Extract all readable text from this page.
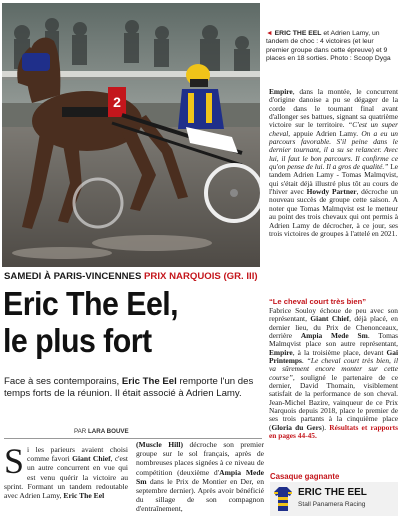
2
◄ ERIC THE EEL et Adrien Lamy, un tandem de choc : 4 victoires (et leur premier groupe dans cette épreuve) et 9 places en 18 sorties. Photo : Scoop Dyga

Empire, dans la montée, le concurrent d'origine danoise a pu se dégager de la corde dans le tournant final avant d'allonger ses battues, signant sa quatrième victoire sur le territoire. “C'est un super cheval, appuie Adrien Lamy. On a eu un parcours favorable. S'il peine dans le dernier tournant, il a su se relancer. Avec lui, il faut le bon parcours. Il confirme ce qu'on pense de lui. Il a gros de qualité.” Le tandem Adrien Lamy - Tomas Malmqvist, qui s'était déjà illustré plus tôt au cours de l'hiver avec Howdy Partner, décroche un nouveau succès de groupe cette saison. A noter que Tomas Malmqvist est le metteur au point des trois chevaux qui ont permis à Adrien Lamy de décrocher, à ce jour, ses trois victoires de groupes à l'attelé en 2021.

“Le cheval court très bien”
Fabrice Souloy échoue de peu avec son représentant, Giant Chief, déjà placé, en dernier lieu, du Prix de Chenonceaux, derrière Ampia Mede Sm. Tomas Malmqvist place son autre représentant, Empire, à la troisième place, devant Gai Printemps. “Le cheval court très bien, il va sûrement encore monter sur cette course”, souligné le partenaire de ce dernier, David Thomain, visiblement satisfait de la performance de son cheval. Jean-Michel Bazire, vainqueur de ce Prix Narquois depuis 2018, place le premier de ses trois partants à la cinquième place (Gloria du Gers). Résultats et rapports en pages 44-45.
Casaque gagnante
ERIC THE EEL
Stall Panamera Racing
SAMEDI À PARIS-VINCENNES PRIX NARQUOIS (GR. III)
Eric The Eel,
le plus fort
Face à ses contemporains, Eric The Eel remporte l'un des temps forts de la réunion. Il était associé à Adrien Lamy.
PAR LARA BOUVE
S i les parieurs avaient choisi comme favori Giant Chief, c'est un autre concurrent en vue qui est venu quérir la victoire au sprint. Formant un tandem redoutable avec Adrien Lamy, Eric The Eel
(Muscle Hill) décroche son premier groupe sur le sol français, après de nombreuses places signées à ce niveau de compétition (deuxième d'Ampia Mede Sm dans le Prix de Montier en Der, en septembre dernier). Après avoir bénéficié du sillage de son compagnon d'entraînement,
